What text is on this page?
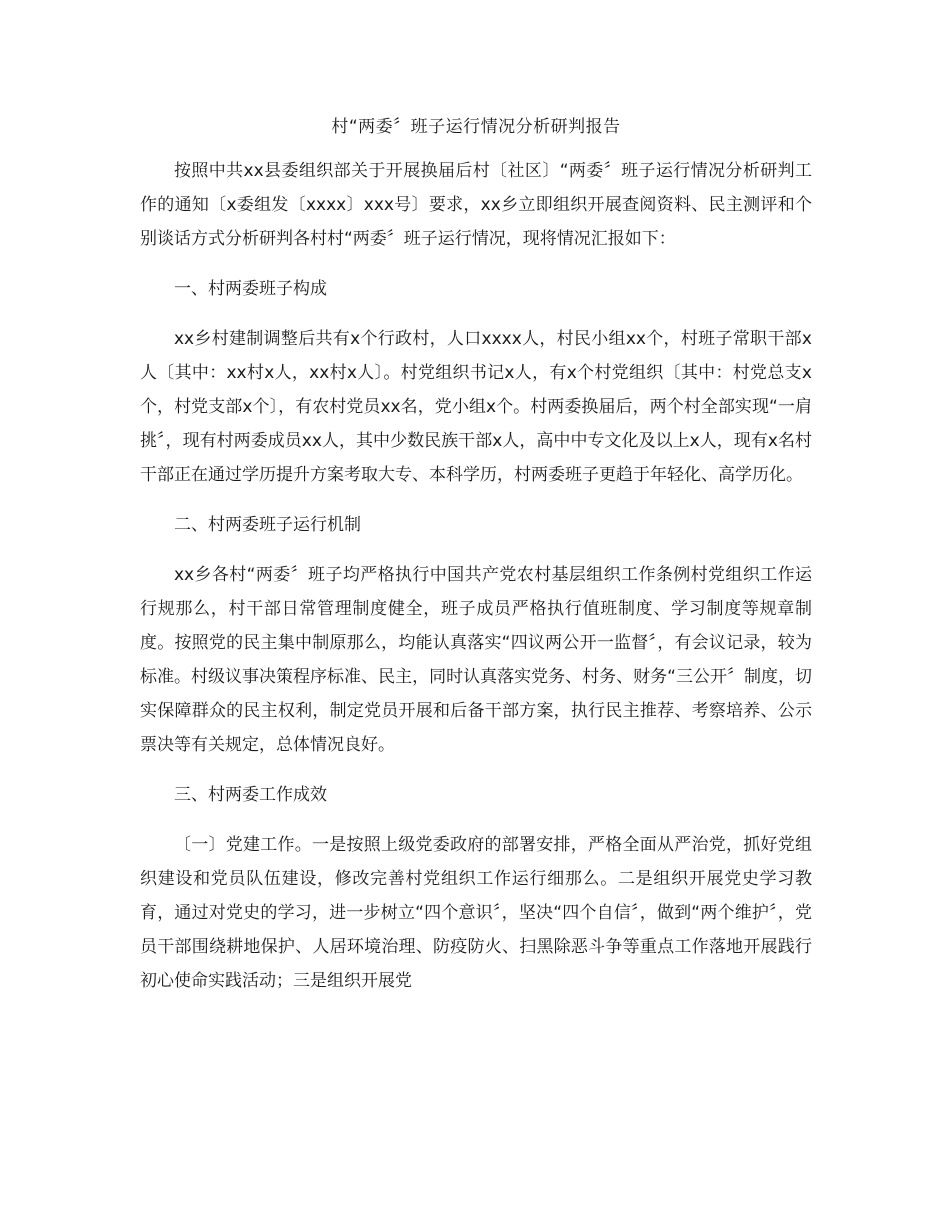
村“两委〞班子运行情况分析研判报告

按照中共xx县委组织部关于开展换届后村〔社区〕“两委〞班子运行情况分析研判工作的通知〔x委组发〔xxxx〕xxx号〕要求，xx乡立即组织开展查阅资料、民主测评和个别谈话方式分析研判各村村“两委〞班子运行情况，现将情况汇报如下：

一、村两委班子构成

xx乡村建制调整后共有x个行政村，人口xxxx人，村民小组xx个，村班子常职干部x人〔其中：xx村x人，xx村x人〕。村党组织书记x人，有x个村党组织〔其中：村党总支x个，村党支部x个〕，有农村党员xx名，党小组x个。村两委换届后，两个村全部实现“一肩挑〞，现有村两委成员xx人，其中少数民族干部x人，高中中专文化及以上x人，现有x名村干部正在通过学历提升方案考取大专、本科学历，村两委班子更趋于年轻化、高学历化。

二、村两委班子运行机制

xx乡各村“两委〞班子均严格执行中国共产党农村基层组织工作条例村党组织工作运行规那么，村干部日常管理制度健全，班子成员严格执行值班制度、学习制度等规章制度。按照党的民主集中制原那么，均能认真落实“四议两公开一监督〞，有会议记录，较为标准。村级议事决策程序标准、民主，同时认真落实党务、村务、财务“三公开〞制度，切实保障群众的民主权利，制定党员开展和后备干部方案，执行民主推荐、考察培养、公示票决等有关规定，总体情况良好。

三、村两委工作成效

〔一〕党建工作。一是按照上级党委政府的部署安排，严格全面从严治党，抓好党组织建设和党员队伍建设，修改完善村党组织工作运行细那么。二是组织开展党史学习教育，通过对党史的学习，进一步树立“四个意识〞，坚决“四个自信〞，做到“两个维护〞，党员干部围绕耕地保护、人居环境治理、防疫防火、扫黑除恶斗争等重点工作落地开展践行初心使命实践活动；三是组织开展党
